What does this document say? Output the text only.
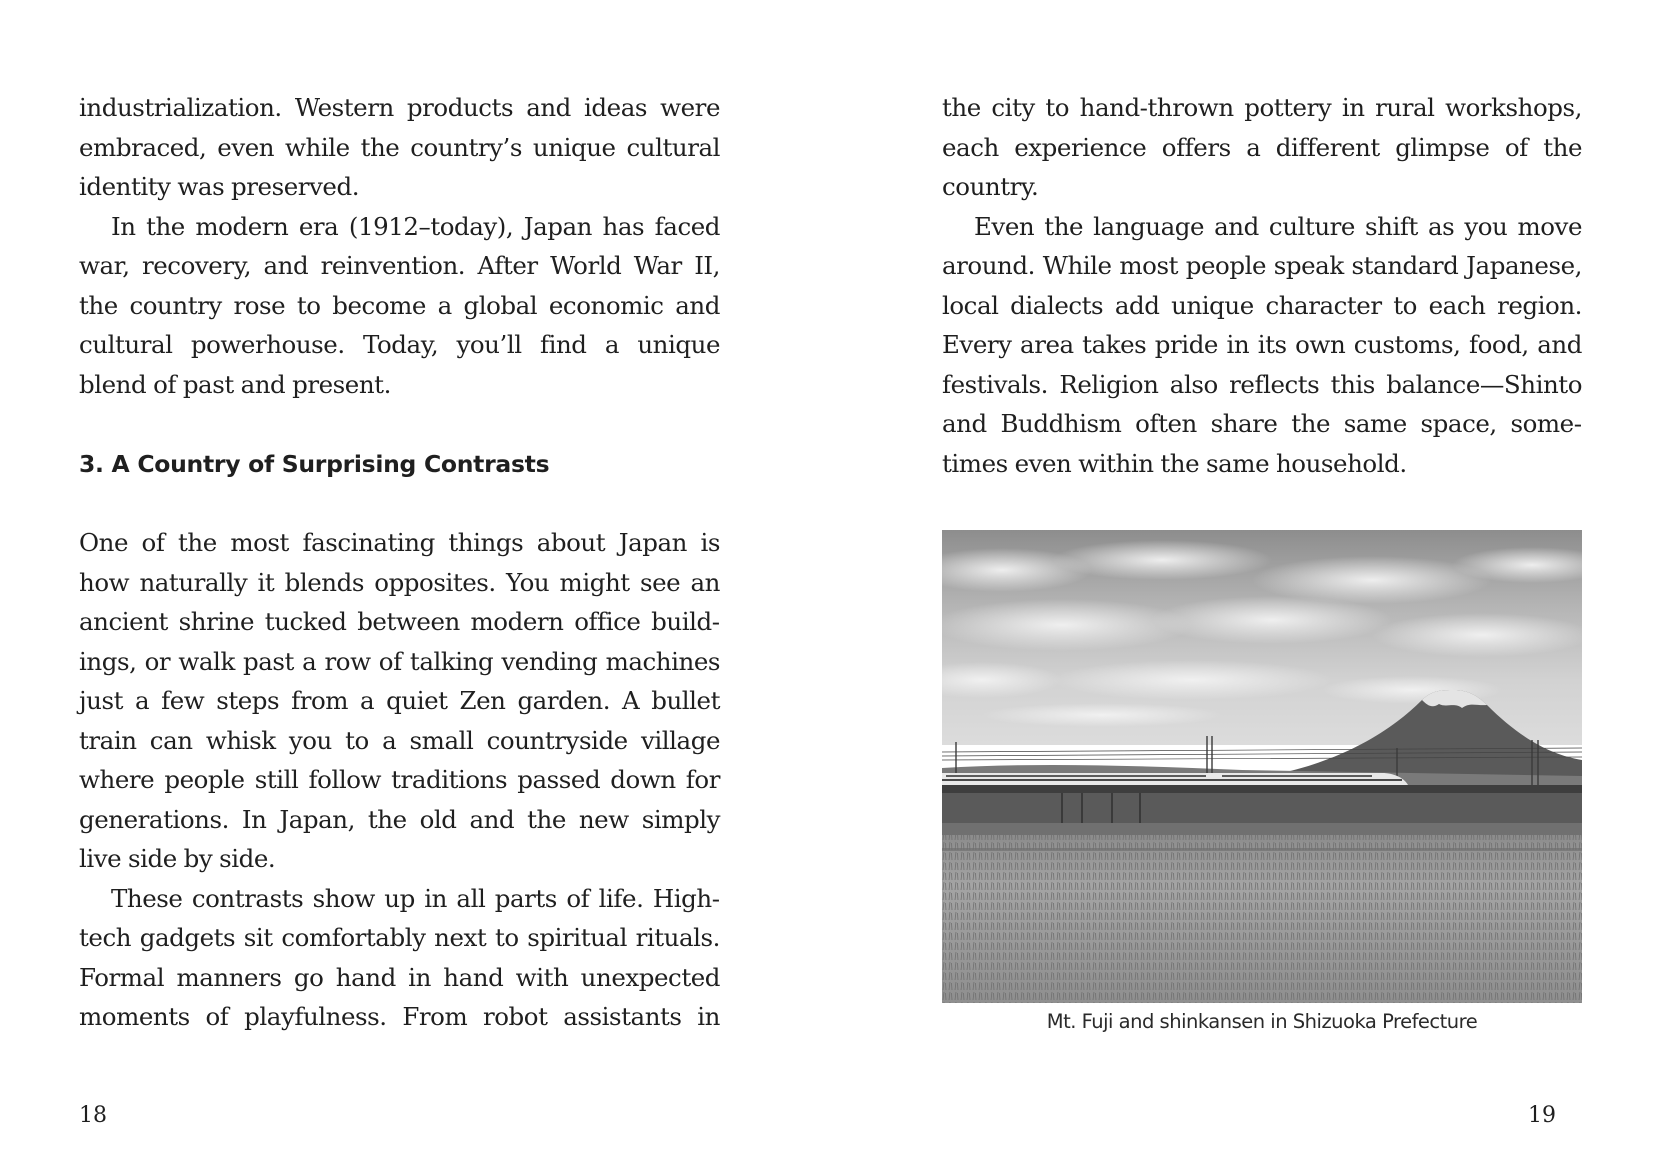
industrialization. Western products and ideas were embraced, even while the country’s unique cultural identity was preserved.

In the modern era (1912–today), Japan has faced war, recovery, and reinvention. After World War II, the country rose to become a global economic and cultural powerhouse. Today, you’ll find a unique blend of past and present.

3. A Country of Surprising Contrasts

One of the most fascinating things about Japan is how naturally it blends opposites. You might see an ancient shrine tucked between modern office buildings, or walk past a row of talking vending machines just a few steps from a quiet Zen garden. A bullet train can whisk you to a small countryside village where people still follow traditions passed down for generations. In Japan, the old and the new simply live side by side.

These contrasts show up in all parts of life. Hightech gadgets sit comfortably next to spiritual rituals. Formal manners go hand in hand with unexpected moments of playfulness. From robot assistants in

18

the city to hand-thrown pottery in rural workshops, each experience offers a different glimpse of the country.

Even the language and culture shift as you move around. While most people speak standard Japanese, local dialects add unique character to each region. Every area takes pride in its own customs, food, and festivals. Religion also reflects this balance—Shinto and Buddhism often share the same space, sometimes even within the same household.

Mt. Fuji and shinkansen in Shizuoka Prefecture
19
